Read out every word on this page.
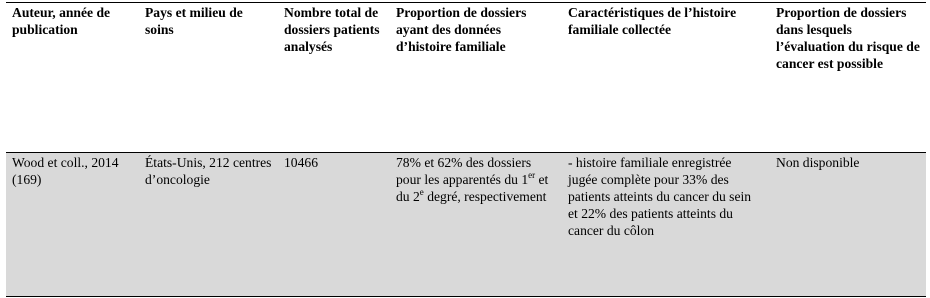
Auteur, année de publication	Pays et milieu de soins	Nombre total de dossiers patients analysés	Proportion de dossiers ayant des données d’histoire familiale	Caractéristiques de l’histoire familiale collectée	Proportion de dossiers dans lesquels l’évaluation du risque de cancer est possible
Wood et coll., 2014 (169)	États-Unis, 212 centres d’oncologie	10466	78% et 62% des dossiers pour les apparentés du 1er et du 2e degré, respectivement	- histoire familiale enregistrée jugée complète pour 33% des patients atteints du cancer du sein et 22% des patients atteints du cancer du côlon	Non disponible
